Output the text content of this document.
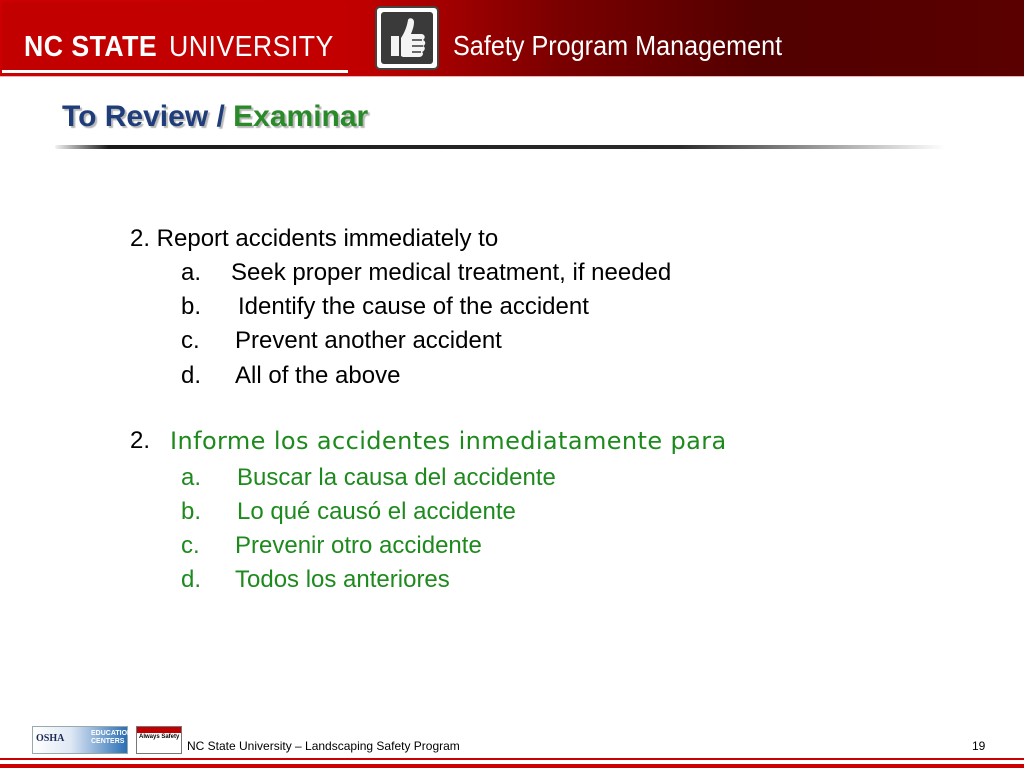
NC STATE UNIVERSITY	Safety Program Management
To Review / Examinar
2. Report accidents immediately to
a. Seek proper medical treatment, if needed
b. Identify the cause of the accident
c. Prevent another accident
d. All of the above
2. Informe los accidentes inmediatamente para
a. Buscar la causa del accidente
b. Lo qué causó el accidente
c. Prevenir otro accidente
d. Todos los anteriores
OSHA	EDUCATION CENTERS
Always Safety
NC State University – Landscaping Safety Program	19
